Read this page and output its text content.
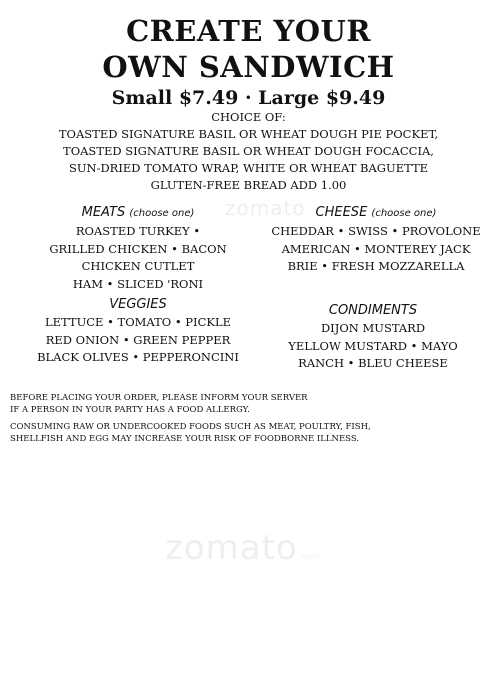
zomato
zomato.com
CREATE YOUR
OWN SANDWICH
Small $7.49 · Large $9.49
CHOICE OF:
TOASTED SIGNATURE BASIL OR WHEAT DOUGH PIE POCKET,
TOASTED SIGNATURE BASIL OR WHEAT DOUGH FOCACCIA,
SUN-DRIED TOMATO WRAP, WHITE OR WHEAT BAGUETTE
GLUTEN-FREE BREAD ADD 1.00
MEATS (choose one)
ROASTED TURKEY •
GRILLED CHICKEN • BACON
CHICKEN CUTLET
HAM • SLICED 'RONI
CHEESE (choose one)
CHEDDAR • SWISS • PROVOLONE
AMERICAN • MONTEREY JACK
BRIE • FRESH MOZZARELLA
VEGGIES
LETTUCE • TOMATO • PICKLE
RED ONION • GREEN PEPPER
BLACK OLIVES • PEPPERONCINI
CONDIMENTS
DIJON MUSTARD
YELLOW MUSTARD • MAYO
RANCH • BLEU CHEESE
BEFORE PLACING YOUR ORDER, PLEASE INFORM YOUR SERVER
IF A PERSON IN YOUR PARTY HAS A FOOD ALLERGY.
CONSUMING RAW OR UNDERCOOKED FOODS SUCH AS MEAT, POULTRY, FISH,
SHELLFISH AND EGG MAY INCREASE YOUR RISK OF FOODBORNE ILLNESS.
